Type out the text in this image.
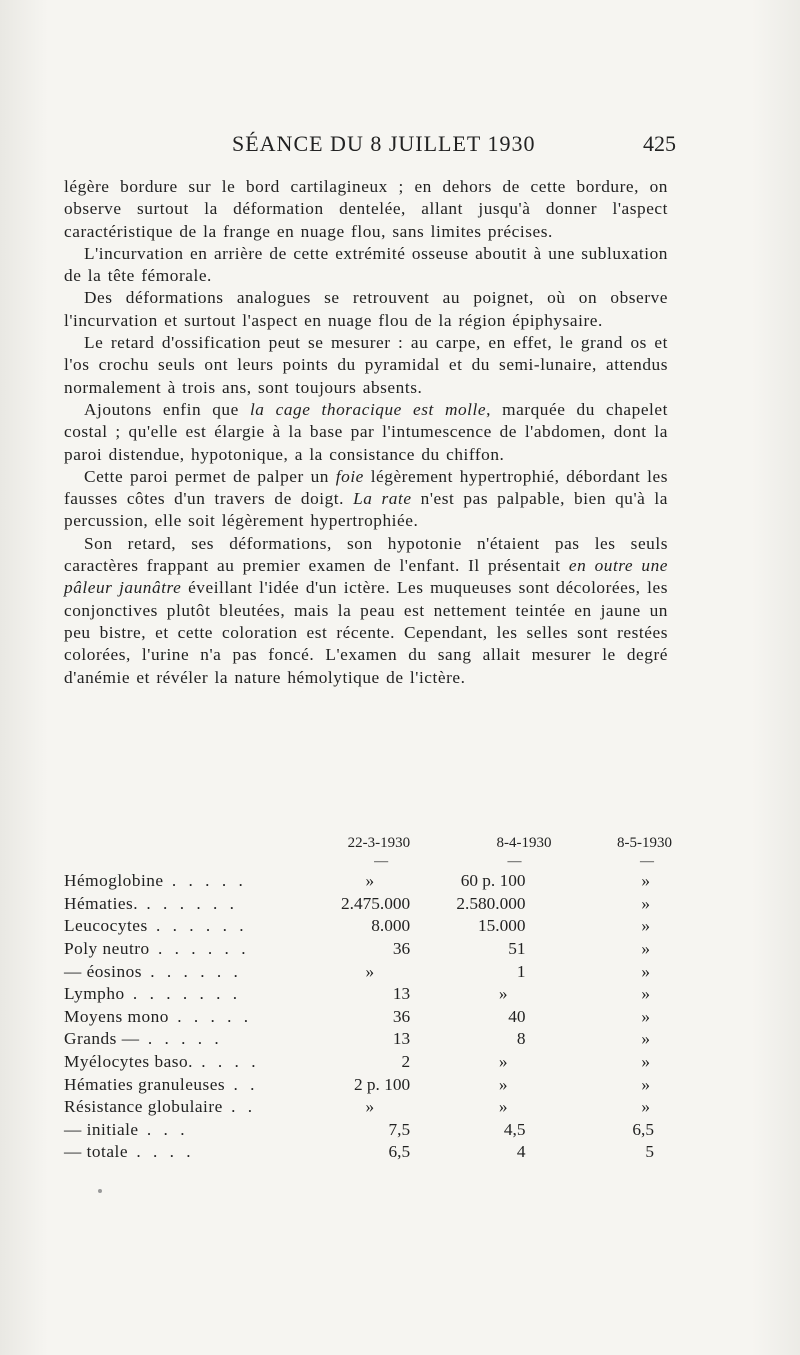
SÉANCE DU 8 JUILLET 1930	425

légère bordure sur le bord cartilagineux ; en dehors de cette bordure, on observe surtout la déformation dentelée, allant jusqu'à donner l'aspect caractéristique de la frange en nuage flou, sans limites précises.

L'incurvation en arrière de cette extrémité osseuse aboutit à une subluxation de la tête fémorale.

Des déformations analogues se retrouvent au poignet, où on observe l'incurvation et surtout l'aspect en nuage flou de la région épiphysaire.

Le retard d'ossification peut se mesurer : au carpe, en effet, le grand os et l'os crochu seuls ont leurs points du pyramidal et du semi-lunaire, attendus normalement à trois ans, sont toujours absents.

Ajoutons enfin que la cage thoracique est molle, marquée du chapelet costal ; qu'elle est élargie à la base par l'intumescence de l'abdomen, dont la paroi distendue, hypotonique, a la consistance du chiffon.

Cette paroi permet de palper un foie légèrement hypertrophié, débordant les fausses côtes d'un travers de doigt. La rate n'est pas palpable, bien qu'à la percussion, elle soit légèrement hypertrophiée.

Son retard, ses déformations, son hypotonie n'étaient pas les seuls caractères frappant au premier examen de l'enfant. Il présentait en outre une pâleur jaunâtre éveillant l'idée d'un ictère. Les muqueuses sont décolorées, les conjonctives plutôt bleutées, mais la peau est nettement teintée en jaune un peu bistre, et cette coloration est récente. Cependant, les selles sont restées colorées, l'urine n'a pas foncé. L'examen du sang allait mesurer le degré d'anémie et révéler la nature hémolytique de l'ictère.

	22-3-1930	8-4-1930	8-5-1930
	—	—	—
Hémoglobine . . . . .	»	60 p. 100	»
Hématies. . . . . . .	2.475.000	2.580.000	»
Leucocytes . . . . . .	8.000	15.000	»
Poly neutro . . . . . .	36	51	»
— éosinos . . . . . .	»	1	»
Lympho . . . . . . .	13	»	»
Moyens mono . . . . .	36	40	»
Grands — . . . . .	13	8	»
Myélocytes baso. . . . .	2	»	»
Hématies granuleuses . .	2 p. 100	»	»
Résistance globulaire . .	»	»	»
— initiale . . .	7,5	4,5	6,5
— totale . . . .	6,5	4	5
